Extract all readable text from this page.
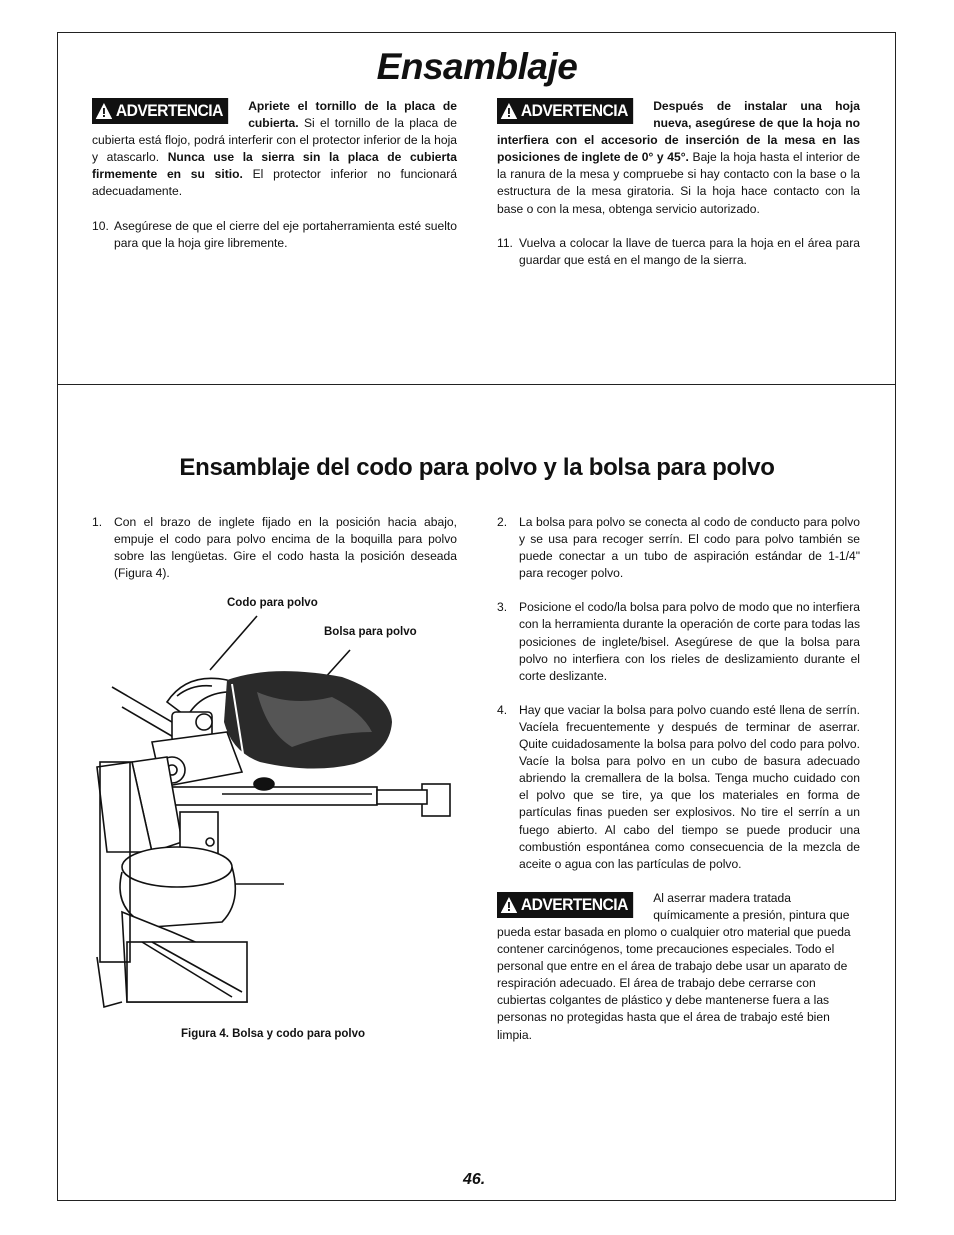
Ensamblaje
ADVERTENCIA	Apriete el tornillo de la placa de cubierta. Si el tornillo de la placa de cubierta está flojo, podrá interferir con el protector inferior de la hoja y atascarlo. Nunca use la sierra sin la placa de cubierta firmemente en su sitio. El protector inferior no funcionará adecuadamente.

10. Asegúrese de que el cierre del eje portaherramienta esté suelto para que la hoja gire libremente.
ADVERTENCIA	Después de instalar una hoja nueva, asegúrese de que la hoja no interfiera con el accesorio de inserción de la mesa en las posiciones de inglete de 0° y 45°. Baje la hoja hasta el interior de la ranura de la mesa y compruebe si hay contacto con la base o la estructura de la mesa giratoria. Si la hoja hace contacto con la base o con la mesa, obtenga servicio autorizado.

11. Vuelva a colocar la llave de tuerca para la hoja en el área para guardar que está en el mango de la sierra.
Ensamblaje del codo para polvo y la bolsa para polvo
1. Con el brazo de inglete fijado en la posición hacia abajo, empuje el codo para polvo encima de la boquilla para polvo sobre las lengüetas. Gire el codo hasta la posición deseada (Figura 4).
Codo para polvo
Bolsa para polvo
Figura 4. Bolsa y codo para polvo
2. La bolsa para polvo se conecta al codo de conducto para polvo y se usa para recoger serrín. El codo para polvo también se puede conectar a un tubo de aspiración estándar de 1-1/4" para recoger polvo.
3. Posicione el codo/la bolsa para polvo de modo que no interfiera con la herramienta durante la operación de corte para todas las posiciones de inglete/bisel. Asegúrese de que la bolsa para polvo no interfiera con los rieles de deslizamiento durante el corte deslizante.
4. Hay que vaciar la bolsa para polvo cuando esté llena de serrín. Vacíela frecuentemente y después de terminar de aserrar. Quite cuidadosamente la bolsa para polvo del codo para polvo. Vacíe la bolsa para polvo en un cubo de basura adecuado abriendo la cremallera de la bolsa. Tenga mucho cuidado con el polvo que se tire, ya que los materiales en forma de partículas finas pueden ser explosivos. No tire el serrín a un fuego abierto. Al cabo del tiempo se puede producir una combustión espontánea como consecuencia de la mezcla de aceite o agua con las partículas de polvo.
ADVERTENCIA	Al aserrar madera tratada químicamente a presión, pintura que pueda estar basada en plomo o cualquier otro material que pueda contener carcinógenos, tome precauciones especiales. Todo el personal que entre en el área de trabajo debe usar un aparato de respiración adecuado. El área de trabajo debe cerrarse con cubiertas colgantes de plástico y debe mantenerse fuera a las personas no protegidas hasta que el área de trabajo esté bien limpia.

46.
